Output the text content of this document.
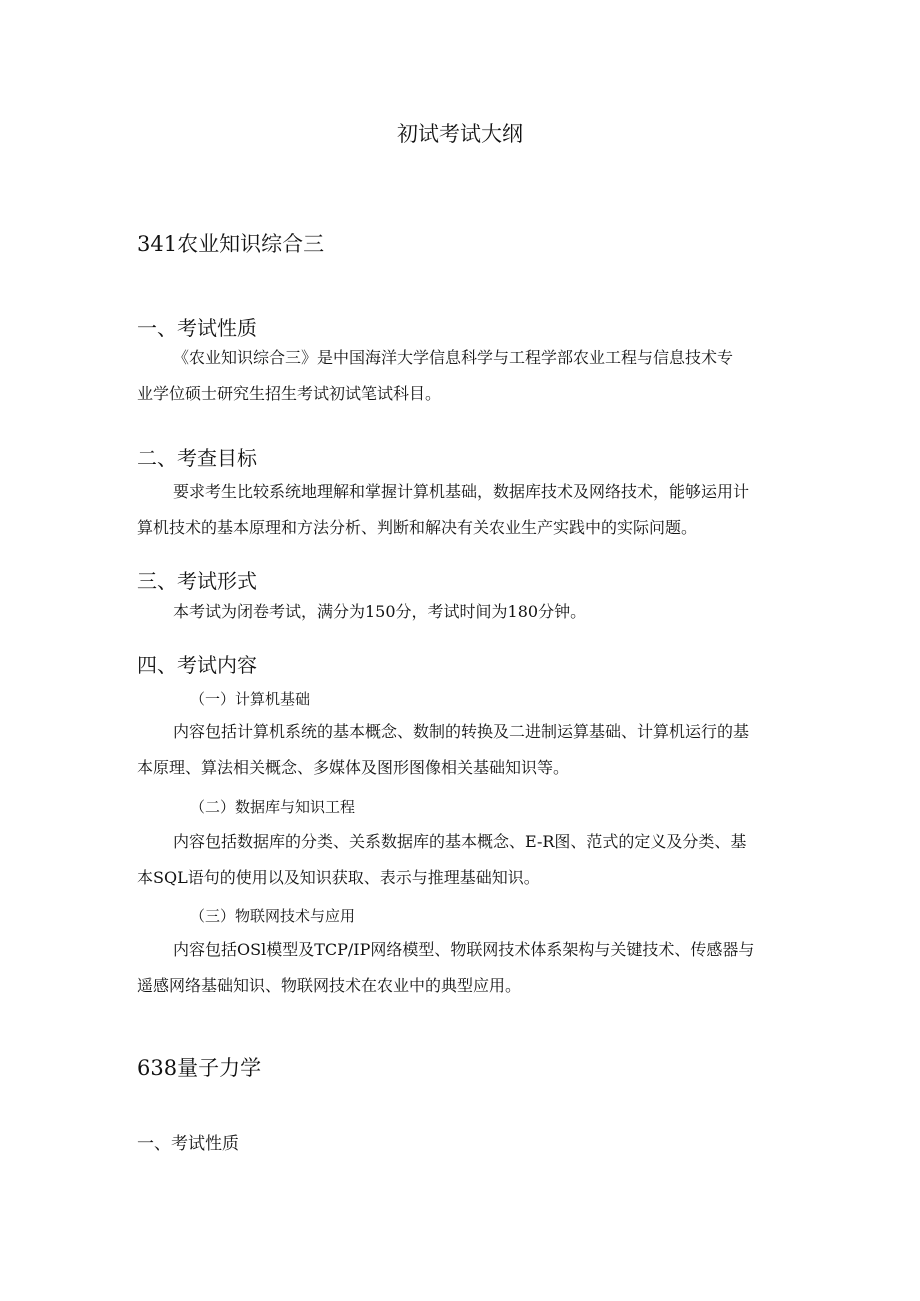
初试考试大纲
341农业知识综合三
一、考试性质
《农业知识综合三》是中国海洋大学信息科学与工程学部农业工程与信息技术专
业学位硕士研究生招生考试初试笔试科目。
二、考查目标
要求考生比较系统地理解和掌握计算机基础，数据库技术及网络技术，能够运用计
算机技术的基本原理和方法分析、判断和解决有关农业生产实践中的实际问题。
三、考试形式
本考试为闭卷考试，满分为150分，考试时间为180分钟。
四、考试内容
（一）计算机基础
内容包括计算机系统的基本概念、数制的转换及二进制运算基础、计算机运行的基
本原理、算法相关概念、多媒体及图形图像相关基础知识等。
（二）数据库与知识工程
内容包括数据库的分类、关系数据库的基本概念、E-R图、范式的定义及分类、基
本SQL语句的使用以及知识获取、表示与推理基础知识。
（三）物联网技术与应用
内容包括OSl模型及TCP/IP网络模型、物联网技术体系架构与关键技术、传感器与
遥感网络基础知识、物联网技术在农业中的典型应用。
638量子力学
一、考试性质
